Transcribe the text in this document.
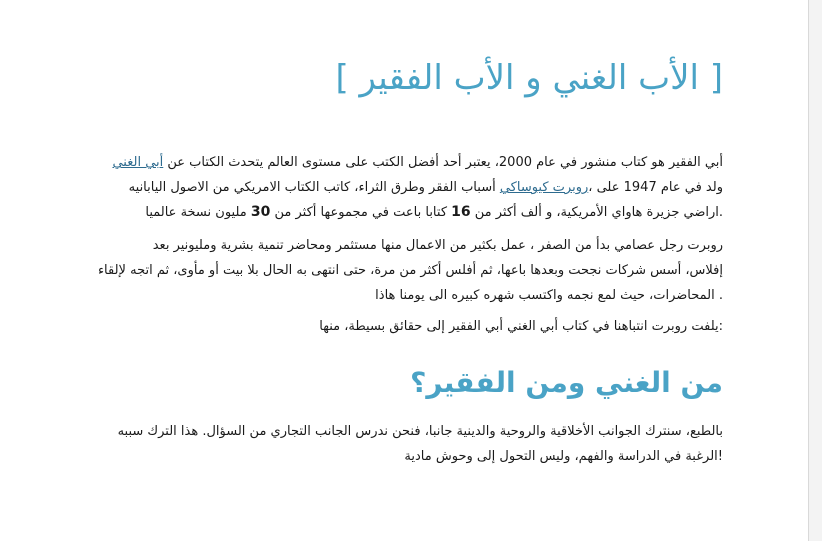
[ الأب الغني و الأب الفقير ]
أبي الفقير هو كتاب منشور في عام 2000، يعتبر أحد أفضل الكتب على مستوى العالم يتحدث الكتاب عن أبي الغني
ولد في عام 1947 على ،روبرت كيوساكي أسباب الفقر وطرق الثراء، كاتب الكتاب الامريكي من الاصول اليابانيه
.اراضي جزيرة هاواي الأمريكية، و ألف أكثر من 16 كتابا باعت في مجموعها أكثر من 30 مليون نسخة عالميا
روبرت رجل عصامي بدأ من الصفر ، عمل بكثير من الاعمال منها مستثمر ومحاضر تنمية بشرية ومليونير بعد
إفلاس، أسس شركات نجحت وبعدها باعها، ثم أفلس أكثر من مرة، حتى انتهى به الحال بلا بيت أو مأوى، ثم اتجه لإلقاء
. المحاضرات، حيث لمع نجمه واكتسب شهره كبيره الى يومنا هاذا
:يلفت روبرت انتباهنا في كتاب أبي الغني أبي الفقير إلى حقائق بسيطة، منها
من الغني ومن الفقير؟
بالطبع، سنترك الجوانب الأخلاقية والروحية والدينية جانبا، فنحن ندرس الجانب التجاري من السؤال. هذا الترك سببه
!الرغبة في الدراسة والفهم، وليس التحول إلى وحوش مادية
